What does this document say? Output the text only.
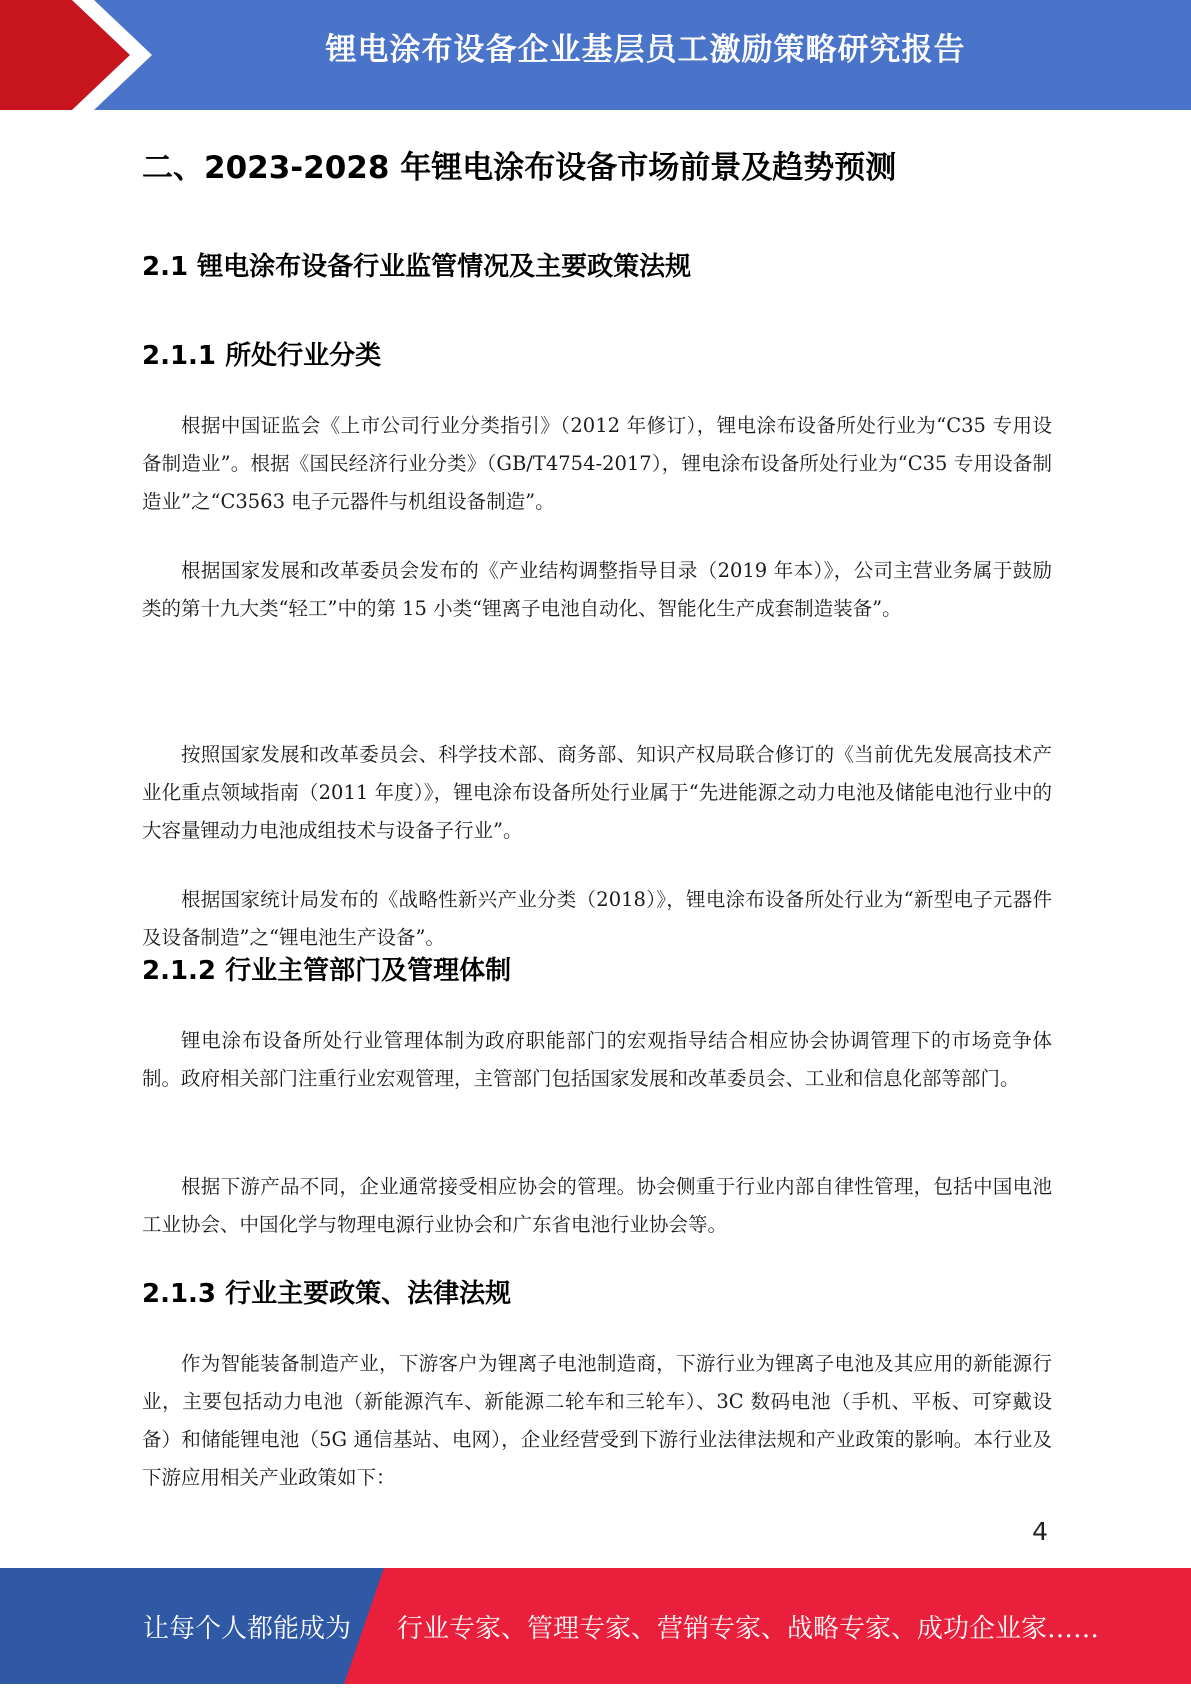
锂电涂布设备企业基层员工激励策略研究报告
二、2023-2028 年锂电涂布设备市场前景及趋势预测
2.1 锂电涂布设备行业监管情况及主要政策法规
2.1.1 所处行业分类

根据中国证监会《上市公司行业分类指引》（2012 年修订），锂电涂布设备所处行业为“C35 专用设备制造业”。根据《国民经济行业分类》（GB/T4754-2017），锂电涂布设备所处行业为“C35 专用设备制造业”之“C3563 电子元器件与机组设备制造”。

根据国家发展和改革委员会发布的《产业结构调整指导目录（2019 年本）》，公司主营业务属于鼓励类的第十九大类“轻工”中的第 15 小类“锂离子电池自动化、智能化生产成套制造装备”。

按照国家发展和改革委员会、科学技术部、商务部、知识产权局联合修订的《当前优先发展高技术产业化重点领域指南（2011 年度）》，锂电涂布设备所处行业属于“先进能源之动力电池及储能电池行业中的大容量锂动力电池成组技术与设备子行业”。

根据国家统计局发布的《战略性新兴产业分类（2018）》，锂电涂布设备所处行业为“新型电子元器件及设备制造”之“锂电池生产设备”。

2.1.2 行业主管部门及管理体制

锂电涂布设备所处行业管理体制为政府职能部门的宏观指导结合相应协会协调管理下的市场竞争体制。政府相关部门注重行业宏观管理，主管部门包括国家发展和改革委员会、工业和信息化部等部门。

根据下游产品不同，企业通常接受相应协会的管理。协会侧重于行业内部自律性管理，包括中国电池工业协会、中国化学与物理电源行业协会和广东省电池行业协会等。

2.1.3 行业主要政策、法律法规

作为智能装备制造产业，下游客户为锂离子电池制造商，下游行业为锂离子电池及其应用的新能源行业，主要包括动力电池（新能源汽车、新能源二轮车和三轮车）、3C 数码电池（手机、平板、可穿戴设备）和储能锂电池（5G 通信基站、电网），企业经营受到下游行业法律法规和产业政策的影响。本行业及下游应用相关产业政策如下：

4
让每个人都能成为 行业专家、管理专家、营销专家、战略专家、成功企业家……
